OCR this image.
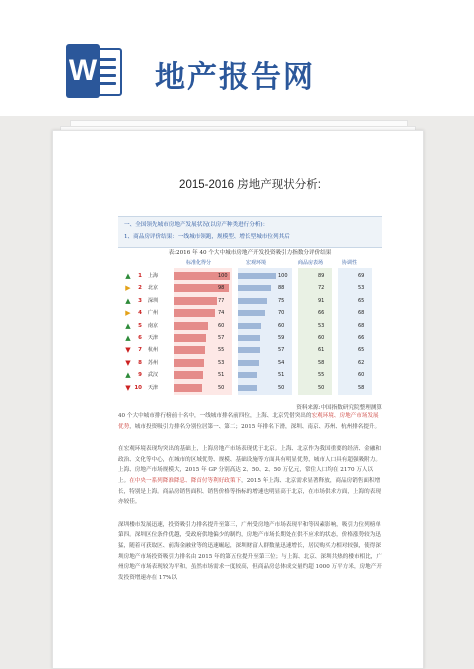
W 地产报告网
2015-2016 房地产现状分析:
一、全国领先城市房地产发展状况(以房产种类进行分析)：
1、商品房评价结果：一线城市领跑，规模型、增长型城市位列其后
表:2016 年 40 个大中城市房地产开发投资吸引力指数分评价结果
标准化得分	宏观环境	商品房表场	协调性
▲	1 上海	100	100	89	69
▶	2 北京	98	88	72	53
▲	3 深圳	77	75	91	65
▶	4 广州	74	70	66	68
▲	5 南京	60	60	53	68
▲	6 天津	57	59	60	66
▼	7 杭州	55	57	61	65
▼	8 苏州	53	54	58	62
▲	9 武汉	51	51	55	60
▼ 10 天津	50	50	50	58
资料来源:中国指数研究院整理测算
40 个大中城市排行榜前十名中，一线城市排名前四位，上海、北京凭借突出的宏观环境、房地产市场发展优势，城市投资吸引力排名分别位居第一、第二；2015 年排名下滑，深圳、南京、苏州、杭州排名提升。
在宏观环境表现均突出的基础上，上海房地产市场表现优于北京。上海、北京作为我国重要的经济、金融和政治、文化等中心，在城市的区域优势、规模、基础设施等方面具有明显优势，城市人口具有超强吸附力。上海、房地产市场规模大，2015 年 GP 分别高达 2、50、2、50 万亿元，常住人口均在 2170 万人以上。在中央一系列降准降息、降首付等利好政策下，2015 年上海、北京需求显著释放，商品房销售面积增长，特别是上海。商品房销售面积、销售价格等指标的增速也明显高于北京，在市场供求方面，上海的表现亦较佳。
深圳楼市发展迅速，投资吸引力排名提升至第三，广州受房地产市场表现平和等因素影响，吸引力位列榜单第四。深圳区位条件优越，受政府供地偏少的制约，房地产市场长期处在供不应求的状态，价格涨势较为迅猛，随着可获取区、前海金融业等的迅速崛起，深圳财富人群数量迅速增长，居民购买力相对较强，使得深圳房地产市场投资吸引力排名由 2015 年的第五位提升至第三位；与上海、北京、深圳共热的楼市相比，广州房地产市场表现较为平和，虽然市场需求一度较高，但商品房总体成交量约超 1000 万平方米，房地产开发投资增速亦在 17%以
